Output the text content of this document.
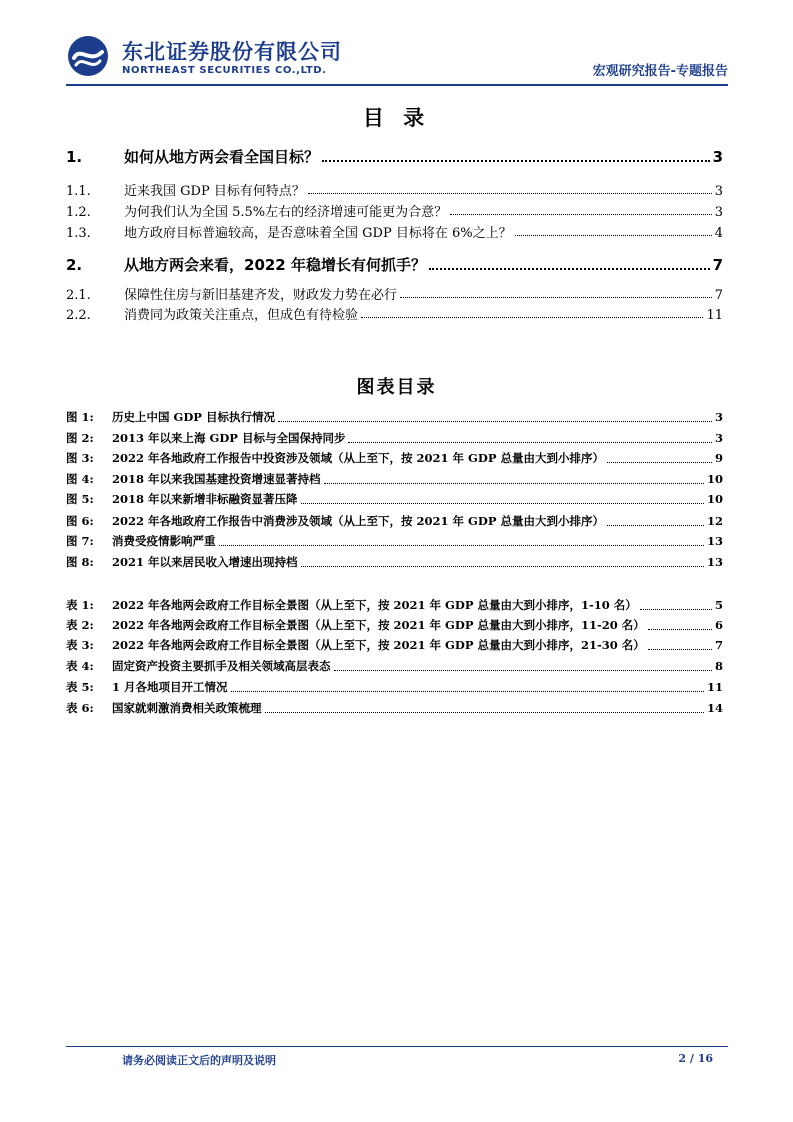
东北证券股份有限公司
NORTHEAST SECURITIES CO.,LTD.	宏观研究报告-专题报告
目 录
1.	如何从地方两会看全国目标？	3
1.1.	近来我国 GDP 目标有何特点？	3
1.2.	为何我们认为全国 5.5%左右的经济增速可能更为合意？	3
1.3.	地方政府目标普遍较高，是否意味着全国 GDP 目标将在 6%之上？	4
2.	从地方两会来看，2022 年稳增长有何抓手？	7
2.1.	保障性住房与新旧基建齐发，财政发力势在必行	7
2.2.	消费同为政策关注重点，但成色有待检验	11
图表目录
图 1:	历史上中国 GDP 目标执行情况	3
图 2:	2013 年以来上海 GDP 目标与全国保持同步	3
图 3:	2022 年各地政府工作报告中投资涉及领域（从上至下，按 2021 年 GDP 总量由大到小排序）	9
图 4:	2018 年以来我国基建投资增速显著持档	10
图 5:	2018 年以来新增非标融资显著压降	10
图 6:	2022 年各地政府工作报告中消费涉及领域（从上至下，按 2021 年 GDP 总量由大到小排序）	12
图 7:	消费受疫情影响严重	13
图 8:	2021 年以来居民收入增速出现持档	13
表 1:	2022 年各地两会政府工作目标全景图（从上至下，按 2021 年 GDP 总量由大到小排序，1-10 名）	5
表 2:	2022 年各地两会政府工作目标全景图（从上至下，按 2021 年 GDP 总量由大到小排序，11-20 名）	6
表 3:	2022 年各地两会政府工作目标全景图（从上至下，按 2021 年 GDP 总量由大到小排序，21-30 名）	7
表 4:	固定资产投资主要抓手及相关领域高层表态	8
表 5:	1 月各地项目开工情况	11
表 6:	国家就刺激消费相关政策梳理	14
请务必阅读正文后的声明及说明	2 / 16
